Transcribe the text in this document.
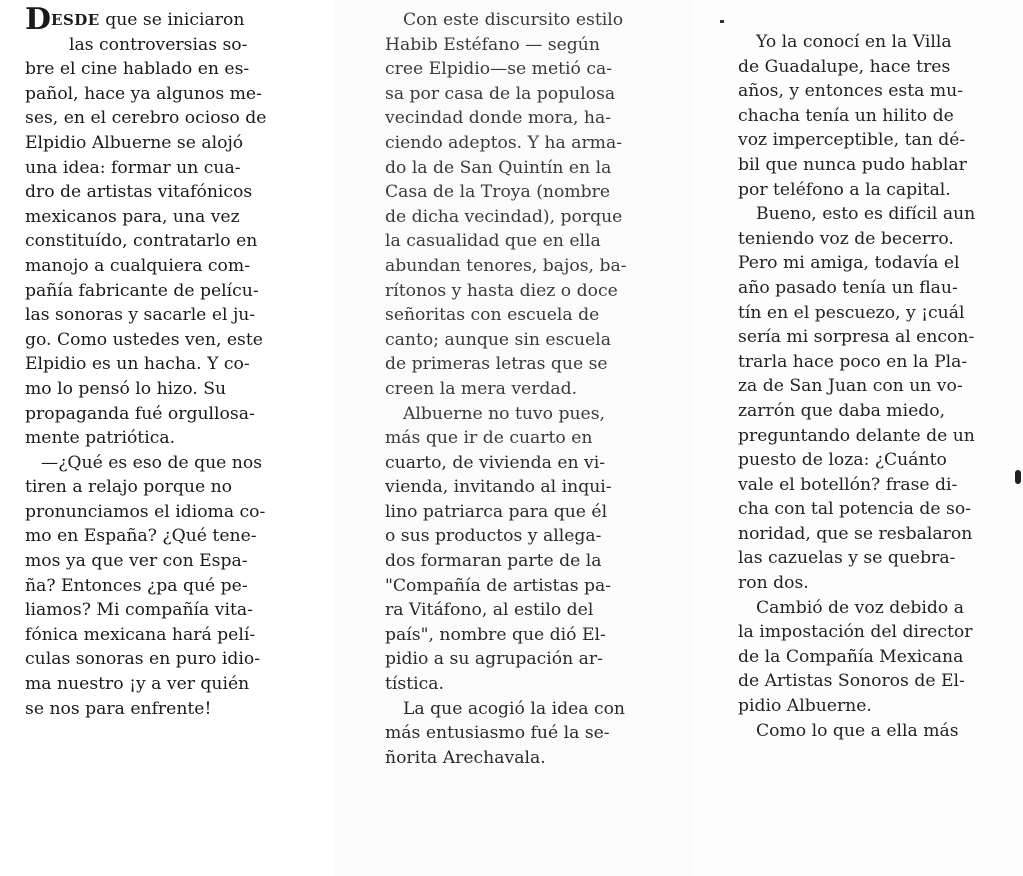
DESDE que se iniciaron
las controversias so-
bre el cine hablado en es-
pañol, hace ya algunos me-
ses, en el cerebro ocioso de
Elpidio Albuerne se alojó
una idea: formar un cua-
dro de artistas vitafónicos
mexicanos para, una vez
constituído, contratarlo en
manojo a cualquiera com-
pañía fabricante de pelícu-
las sonoras y sacarle el ju-
go. Como ustedes ven, este
Elpidio es un hacha. Y co-
mo lo pensó lo hizo. Su
propaganda fué orgullosa-
mente patriótica.
—¿Qué es eso de que nos
tiren a relajo porque no
pronunciamos el idioma co-
mo en España? ¿Qué tene-
mos ya que ver con Espa-
ña? Entonces ¿pa qué pe-
liamos? Mi compañía vita-
fónica mexicana hará pelí-
culas sonoras en puro idio-
ma nuestro ¡y a ver quién
se nos para enfrente!
Con este discursito estilo
Habib Estéfano — según
cree Elpidio—se metió ca-
sa por casa de la populosa
vecindad donde mora, ha-
ciendo adeptos. Y ha arma-
do la de San Quintín en la
Casa de la Troya (nombre
de dicha vecindad), porque
la casualidad que en ella
abundan tenores, bajos, ba-
rítonos y hasta diez o doce
señoritas con escuela de
canto; aunque sin escuela
de primeras letras que se
creen la mera verdad.
Albuerne no tuvo pues,
más que ir de cuarto en
cuarto, de vivienda en vi-
vienda, invitando al inqui-
lino patriarca para que él
o sus productos y allega-
dos formaran parte de la
"Compañía de artistas pa-
ra Vitáfono, al estilo del
país", nombre que dió El-
pidio a su agrupación ar-
tística.
La que acogió la idea con
más entusiasmo fué la se-
ñorita Arechavala.
Yo la conocí en la Villa
de Guadalupe, hace tres
años, y entonces esta mu-
chacha tenía un hilito de
voz imperceptible, tan dé-
bil que nunca pudo hablar
por teléfono a la capital.
Bueno, esto es difícil aun
teniendo voz de becerro.
Pero mi amiga, todavía el
año pasado tenía un flau-
tín en el pescuezo, y ¡cuál
sería mi sorpresa al encon-
trarla hace poco en la Pla-
za de San Juan con un vo-
zarrón que daba miedo,
preguntando delante de un
puesto de loza: ¿Cuánto
vale el botellón? frase di-
cha con tal potencia de so-
noridad, que se resbalaron
las cazuelas y se quebra-
ron dos.
Cambió de voz debido a
la impostación del director
de la Compañía Mexicana
de Artistas Sonoros de El-
pidio Albuerne.
Como lo que a ella más
